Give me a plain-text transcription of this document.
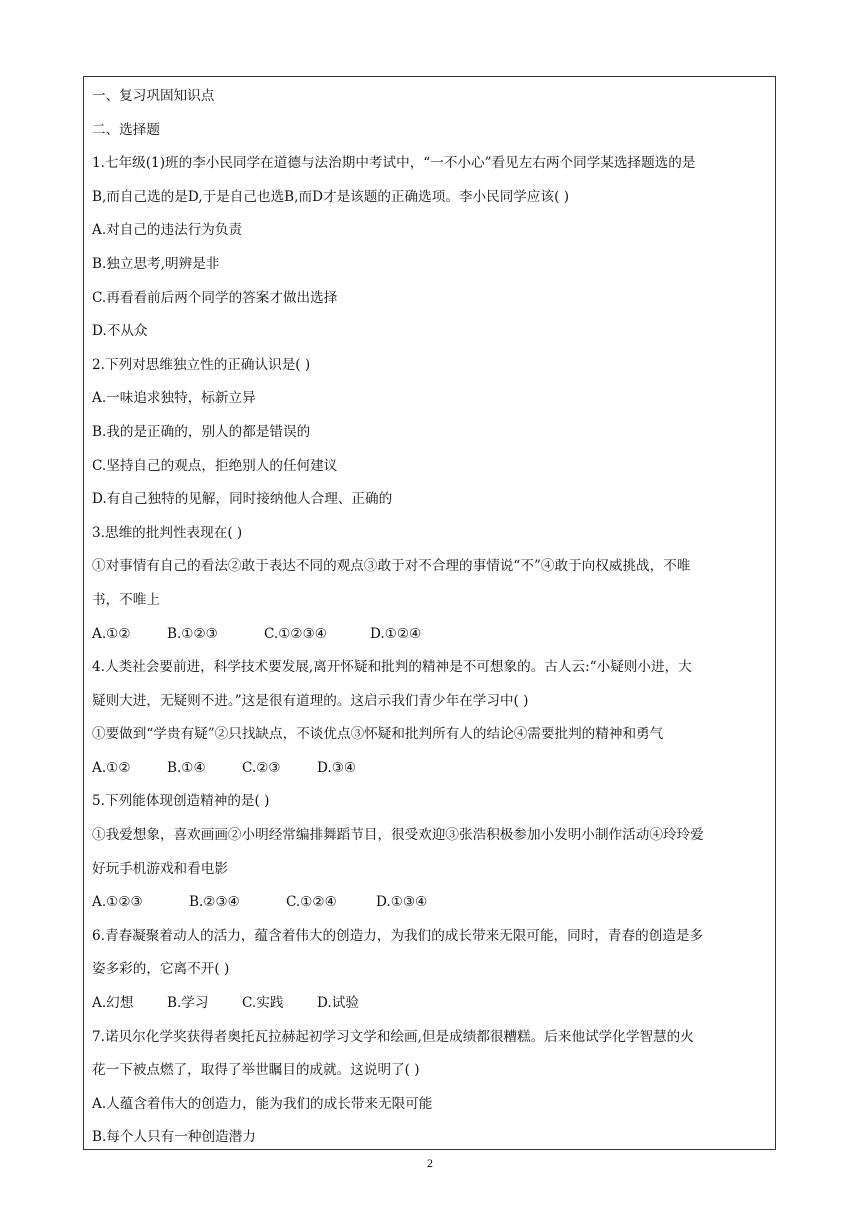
一、复习巩固知识点
二、选择题
1.七年级(1)班的李小民同学在道德与法治期中考试中，“一不小心”看见左右两个同学某选择题选的是
B,而自己选的是D,于是自己也选B,而D才是该题的正确选项。李小民同学应该( )
A.对自己的违法行为负责
B.独立思考,明辨是非
C.再看看前后两个同学的答案才做出选择
D.不从众
2.下列对思维独立性的正确认识是( )
A.一味追求独特，标新立异
B.我的是正确的，别人的都是错误的
C.坚持自己的观点，拒绝别人的任何建议
D.有自己独特的见解，同时接纳他人合理、正确的
3.思维的批判性表现在( )
①对事情有自己的看法②敢于表达不同的观点③敢于对不合理的事情说“不”④敢于向权威挑战，不唯
书，不唯上
A.①②	B.①②③	C.①②③④	D.①②④
4.人类社会要前进，科学技术要发展,离开怀疑和批判的精神是不可想象的。古人云:“小疑则小进，大
疑则大进，无疑则不进。”这是很有道理的。这启示我们青少年在学习中( )
①要做到“学贵有疑”②只找缺点，不谈优点③怀疑和批判所有人的结论④需要批判的精神和勇气
A.①②	B.①④	C.②③	D.③④
5.下列能体现创造精神的是( )
①我爱想象，喜欢画画②小明经常编排舞蹈节目，很受欢迎③张浩积极参加小发明小制作活动④玲玲爱
好玩手机游戏和看电影
A.①②③	B.②③④	C.①②④	D.①③④
6.青春凝聚着动人的活力，蕴含着伟大的创造力，为我们的成长带来无限可能，同时，青春的创造是多
姿多彩的，它离不开( )
A.幻想 B.学习 C.实践 D.试验
7.诺贝尔化学奖获得者奥托瓦拉赫起初学习文学和绘画,但是成绩都很糟糕。后来他试学化学智慧的火
花一下被点燃了，取得了举世瞩目的成就。这说明了( )
A.人蕴含着伟大的创造力，能为我们的成长带来无限可能
B.每个人只有一种创造潜力
2
